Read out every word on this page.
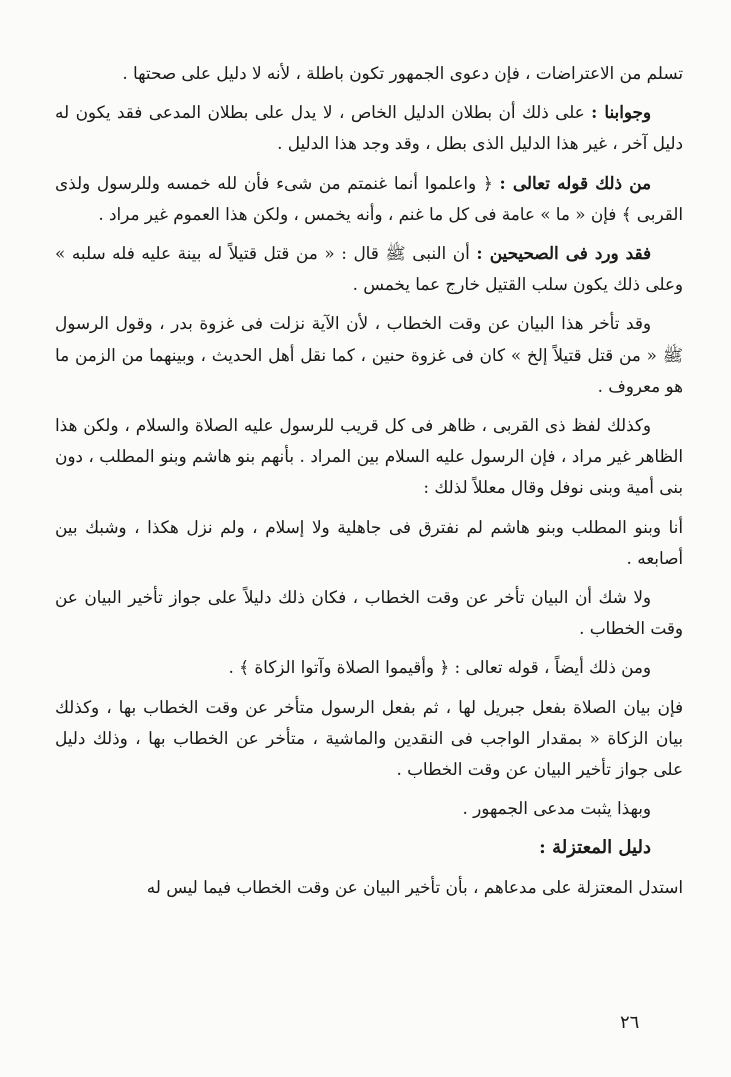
تسلم من الاعتراضات ، فإن دعوى الجمهور تكون باطلة ، لأنه لا دليل على صحتها .

وجوابنا : على ذلك أن بطلان الدليل الخاص ، لا يدل على بطلان المدعى فقد يكون له دليل آخر ، غير هذا الدليل الذى بطل ، وقد وجد هذا الدليل .

من ذلك قوله تعالى : ﴿ واعلموا أنما غنمتم من شىء فأن لله خمسه وللرسول ولذى القربى ﴾ فإن « ما » عامة فى كل ما غنم ، وأنه يخمس ، ولكن هذا العموم غير مراد .

فقد ورد فى الصحيحين : أن النبى ﷺ قال : « من قتل قتيلاً له بينة عليه فله سلبه » وعلى ذلك يكون سلب القتيل خارج عما يخمس .

وقد تأخر هذا البيان عن وقت الخطاب ، لأن الآية نزلت فى غزوة بدر ، وقول الرسول ﷺ « من قتل قتيلاً إلخ » كان فى غزوة حنين ، كما نقل أهل الحديث ، وبينهما من الزمن ما هو معروف .

وكذلك لفظ ذى القربى ، ظاهر فى كل قريب للرسول عليه الصلاة والسلام ، ولكن هذا الظاهر غير مراد ، فإن الرسول عليه السلام بين المراد . بأنهم بنو هاشم وبنو المطلب ، دون بنى أمية وبنى نوفل وقال معللاً لذلك :

أنا وبنو المطلب وبنو هاشم لم نفترق فى جاهلية ولا إسلام ، ولم نزل هكذا ، وشبك بين أصابعه .

ولا شك أن البيان تأخر عن وقت الخطاب ، فكان ذلك دليلاً على جواز تأخير البيان عن وقت الخطاب .

ومن ذلك أيضاً ، قوله تعالى : ﴿ وأقيموا الصلاة وآتوا الزكاة ﴾ .

فإن بيان الصلاة بفعل جبريل لها ، ثم بفعل الرسول متأخر عن وقت الخطاب بها ، وكذلك بيان الزكاة « بمقدار الواجب فى النقدين والماشية ، متأخر عن الخطاب بها ، وذلك دليل على جواز تأخير البيان عن وقت الخطاب .

وبهذا يثبت مدعى الجمهور .

دليل المعتزلة :

استدل المعتزلة على مدعاهم ، بأن تأخير البيان عن وقت الخطاب فيما ليس له

٢٦
